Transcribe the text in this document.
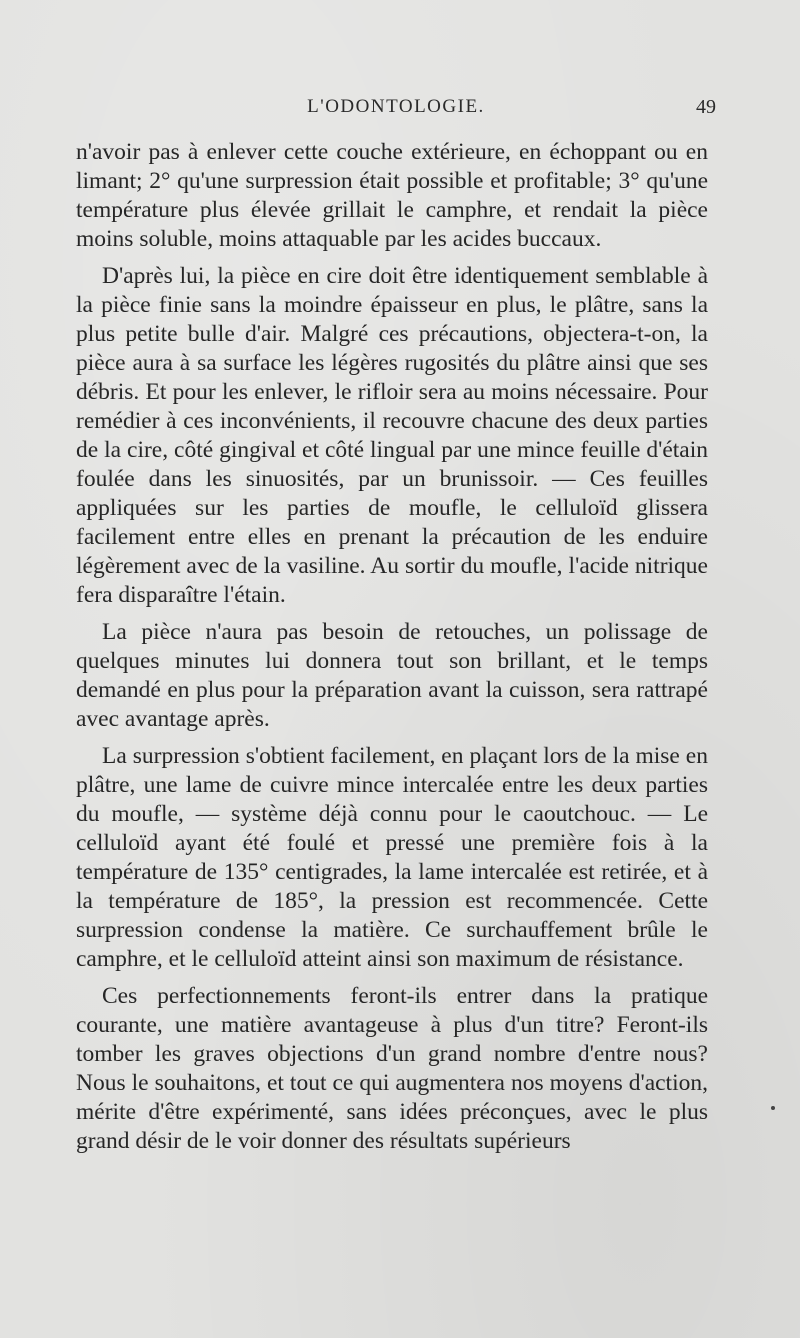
L'ODONTOLOGIE.	49

n'avoir pas à enlever cette couche extérieure, en échoppant ou en limant; 2° qu'une surpression était possible et profitable; 3° qu'une température plus élevée grillait le camphre, et rendait la pièce moins soluble, moins attaquable par les acides buccaux.

D'après lui, la pièce en cire doit être identiquement semblable à la pièce finie sans la moindre épaisseur en plus, le plâtre, sans la plus petite bulle d'air. Malgré ces précautions, objectera-t-on, la pièce aura à sa surface les légères rugosités du plâtre ainsi que ses débris. Et pour les enlever, le rifloir sera au moins nécessaire. Pour remédier à ces inconvénients, il recouvre chacune des deux parties de la cire, côté gingival et côté lingual par une mince feuille d'étain foulée dans les sinuosités, par un brunissoir. — Ces feuilles appliquées sur les parties de moufle, le celluloïd glissera facilement entre elles en prenant la précaution de les enduire légèrement avec de la vasiline. Au sortir du moufle, l'acide nitrique fera disparaître l'étain.

La pièce n'aura pas besoin de retouches, un polissage de quelques minutes lui donnera tout son brillant, et le temps demandé en plus pour la préparation avant la cuisson, sera rattrapé avec avantage après.

La surpression s'obtient facilement, en plaçant lors de la mise en plâtre, une lame de cuivre mince intercalée entre les deux parties du moufle, — système déjà connu pour le caoutchouc. — Le celluloïd ayant été foulé et pressé une première fois à la température de 135° centigrades, la lame intercalée est retirée, et à la température de 185°, la pression est recommencée. Cette surpression condense la matière. Ce surchauffement brûle le camphre, et le celluloïd atteint ainsi son maximum de résistance.

Ces perfectionnements feront-ils entrer dans la pratique courante, une matière avantageuse à plus d'un titre? Feront-ils tomber les graves objections d'un grand nombre d'entre nous? Nous le souhaitons, et tout ce qui augmentera nos moyens d'action, mérite d'être expérimenté, sans idées préconçues, avec le plus grand désir de le voir donner des résultats supérieurs
